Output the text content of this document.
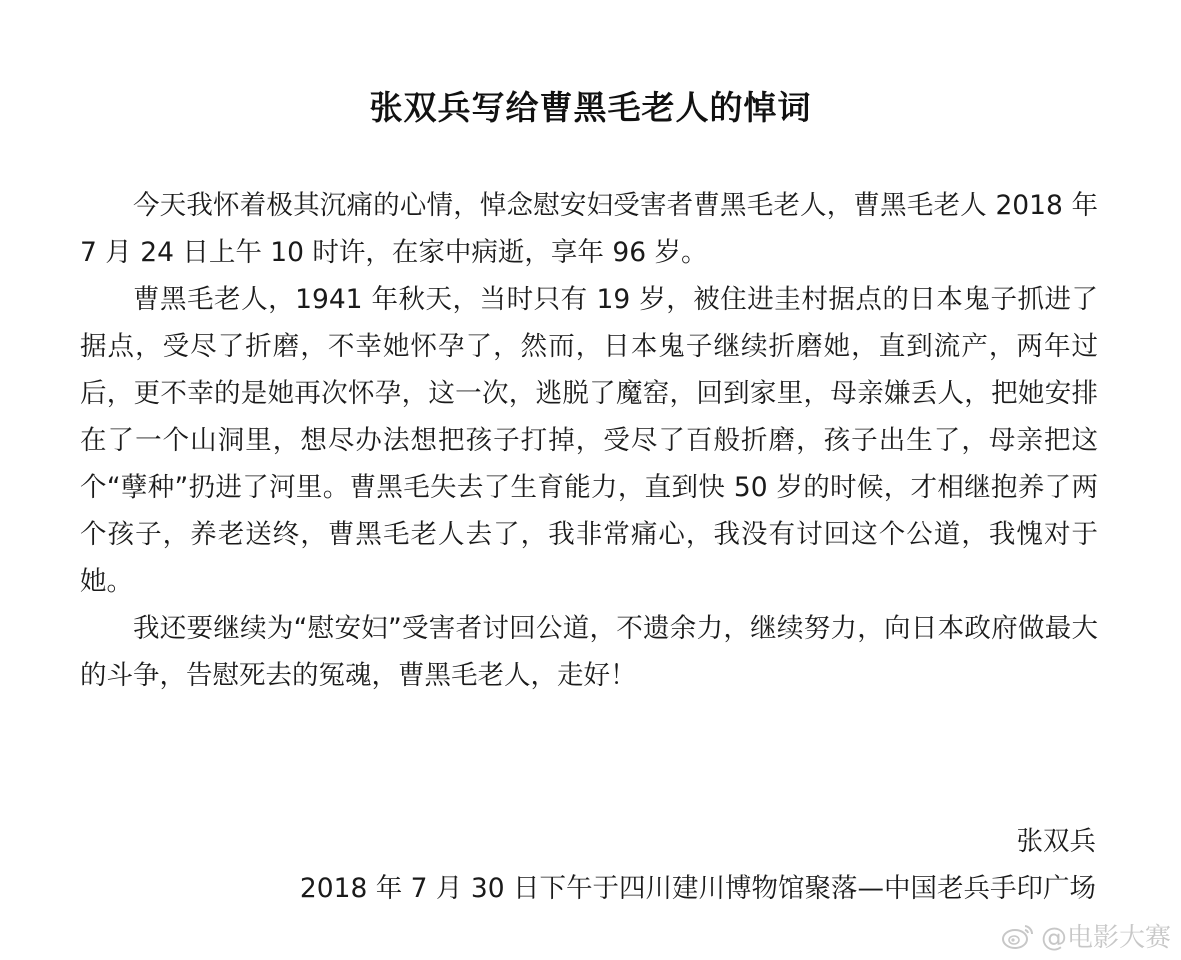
张双兵写给曹黑毛老人的悼词

今天我怀着极其沉痛的心情，悼念慰安妇受害者曹黑毛老人，曹黑毛老人 2018 年 7 月 24 日上午 10 时许，在家中病逝，享年 96 岁。

曹黑毛老人，1941 年秋天，当时只有 19 岁，被住进圭村据点的日本鬼子抓进了据点，受尽了折磨，不幸她怀孕了，然而，日本鬼子继续折磨她，直到流产，两年过后，更不幸的是她再次怀孕，这一次，逃脱了魔窑，回到家里，母亲嫌丢人，把她安排在了一个山洞里，想尽办法想把孩子打掉，受尽了百般折磨，孩子出生了，母亲把这个“孽种”扔进了河里。曹黑毛失去了生育能力，直到快 50 岁的时候，才相继抱养了两个孩子，养老送终，曹黑毛老人去了，我非常痛心，我没有讨回这个公道，我愧对于她。

我还要继续为“慰安妇”受害者讨回公道，不遗余力，继续努力，向日本政府做最大的斗争，告慰死去的冤魂，曹黑毛老人，走好！

张双兵
2018 年 7 月 30 日下午于四川建川博物馆聚落—中国老兵手印广场
@电影大赛
